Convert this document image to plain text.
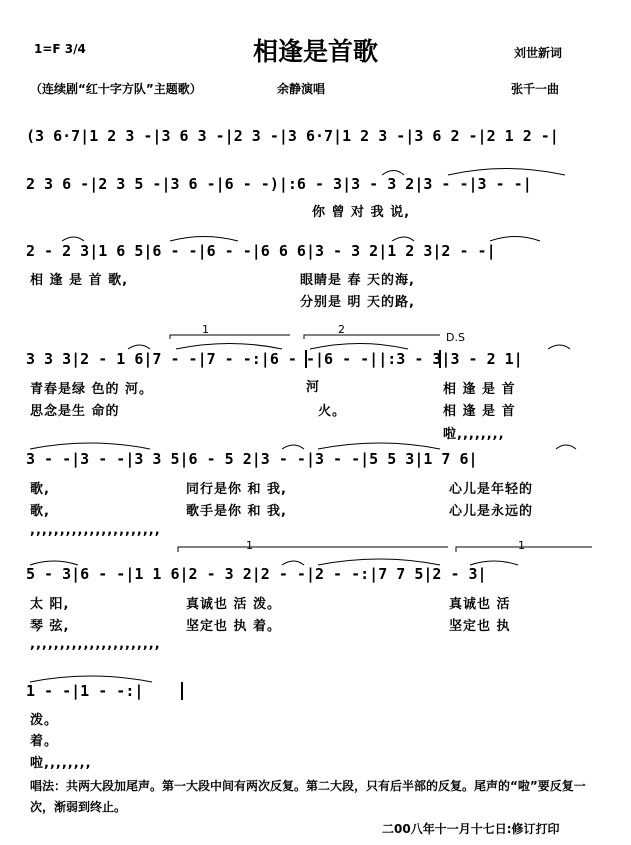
相逢是首歌
1=F 3/4	刘世新词
（连续剧“红十字方队”主题歌）	余静演唱	张千一曲
(3 6·7|1 2 3 -|3 6 3 -|2 3 -|3 6·7|1 2 3 -|3 6 2 -|2 1 2 -|
2 3 6 -|2 3 5 -|3 6 -|6 - -)|:6 - 3|3 - 3 2|3 - -|3 - -|
你 曾 对 我 说,
2 - 2 3|1 6 5|6 - -|6 - -|6 6 6|3 - 3 2|1 2 3|2 - -|
相 逢 是 首 歌,	眼睛是 春 天的海,
分别是 明 天的路,
1	2
D.S
3 3 3|2 - 1 6|7 - -|7 - -:|6 - -|6 - -||:3 - 3|3 - 2 1|
青春是绿 色的 河。
思念是生 命的
河
火。
相 逢 是 首
相 逢 是 首
啦,,,,,,,,
3 - -|3 - -|3 3 5|6 - 5 2|3 - -|3 - -|5 5 3|1 7 6|
歌,	同行是你 和 我,	心儿是年轻的
歌,	歌手是你 和 我,	心儿是永远的
,,,,,,,,,,,,,,,,,,,,,,
1	1
5 - 3|6 - -|1 1 6|2 - 3 2|2 - -|2 - -:|7 7 5|2 - 3|
太 阳,	真诚也 活 泼。	真诚也 活
琴 弦,	坚定也 执 着。	坚定也 执
,,,,,,,,,,,,,,,,,,,,,,
1 - -|1 - -:|
泼。
着。
啦,,,,,,,,
唱法：共两大段加尾声。第一大段中间有两次反复。第二大段，只有后半部的反复。尾声的“啦”要反复一次，渐弱到终止。
二00八年十一月十七日:修订打印
